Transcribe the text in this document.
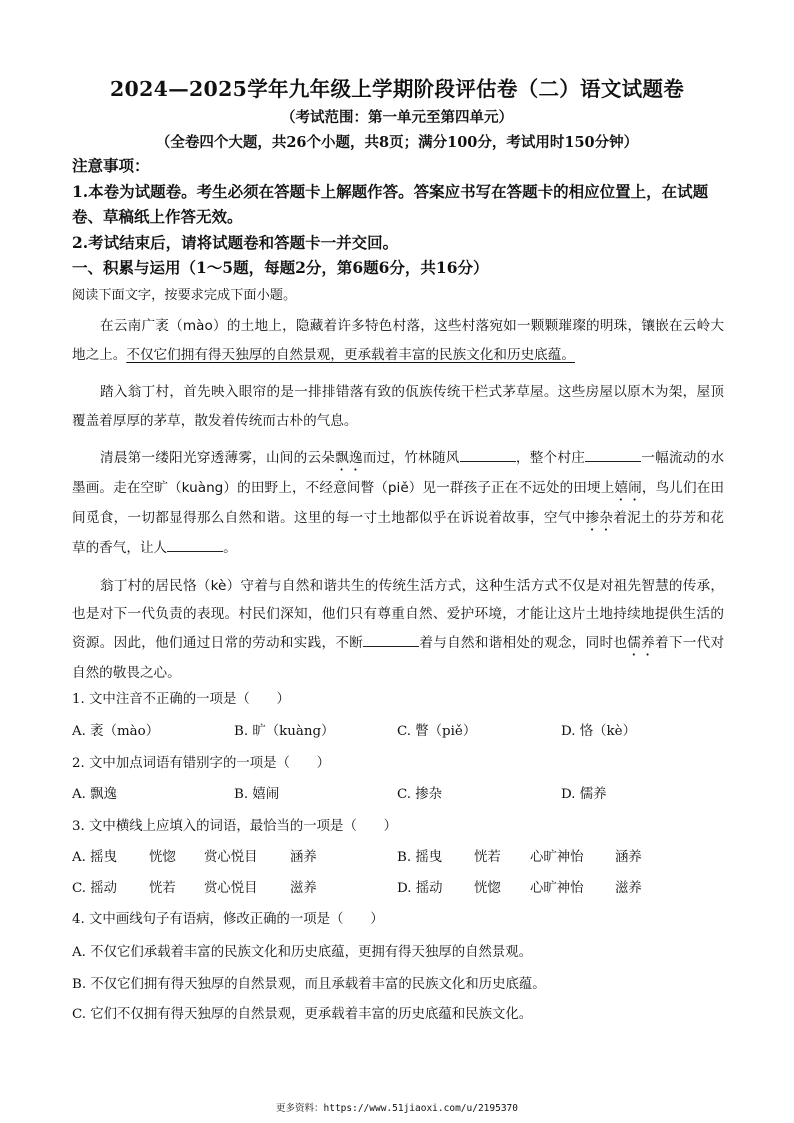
2024—2025学年九年级上学期阶段评估卷（二）语文试题卷
（考试范围：第一单元至第四单元）
（全卷四个大题，共26个小题，共8页；满分100分，考试用时150分钟）
注意事项：
1.本卷为试题卷。考生必须在答题卡上解题作答。答案应书写在答题卡的相应位置上，在试题
卷、草稿纸上作答无效。
2.考试结束后，请将试题卷和答题卡一并交回。
一、积累与运用（1～5题，每题2分，第6题6分，共16分）
阅读下面文字，按要求完成下面小题。

在云南广袤（mào）的土地上，隐藏着许多特色村落，这些村落宛如一颗颗璀璨的明珠，镶嵌在云岭大地之上。不仅它们拥有得天独厚的自然景观，更承载着丰富的民族文化和历史底蕴。

踏入翁丁村，首先映入眼帘的是一排排错落有致的佤族传统干栏式茅草屋。这些房屋以原木为架，屋顶覆盖着厚厚的茅草，散发着传统而古朴的气息。

清晨第一缕阳光穿透薄雾，山间的云朵飘逸而过，竹林随风	，整个村庄	一幅流动的水墨画。走在空旷（kuàng）的田野上，不经意间瞥（piě）见一群孩子正在不远处的田埂上嬉闹，鸟儿们在田间觅食，一切都显得那么自然和谐。这里的每一寸土地都似乎在诉说着故事，空气中掺杂着泥土的芬芳和花草的香气，让人	。

翁丁村的居民恪（kè）守着与自然和谐共生的传统生活方式，这种生活方式不仅是对祖先智慧的传承，也是对下一代负责的表现。村民们深知，他们只有尊重自然、爱护环境，才能让这片土地持续地提供生活的资源。因此，他们通过日常的劳动和实践，不断	着与自然和谐相处的观念，同时也儒养着下一代对自然的敬畏之心。

1. 文中注音不正确的一项是（　　）
A. 袤（mào）	B. 旷（kuàng）	C. 瞥（piě）	D. 恪（kè）
2. 文中加点词语有错别字的一项是（　　）
A. 飘逸	B. 嬉闹	C. 掺杂	D. 儒养
3. 文中横线上应填入的词语，最恰当的一项是（　　）
A. 摇曳 恍惚 赏心悦目 涵养	B. 摇曳 恍若 心旷神怡 涵养
C. 摇动 恍若 赏心悦目 滋养	D. 摇动 恍惚 心旷神怡 滋养
4. 文中画线句子有语病，修改正确的一项是（　　）
A. 不仅它们承载着丰富的民族文化和历史底蕴，更拥有得天独厚的自然景观。
B. 不仅它们拥有得天独厚的自然景观，而且承载着丰富的民族文化和历史底蕴。
C. 它们不仅拥有得天独厚的自然景观，更承载着丰富的历史底蕴和民族文化。
更多资料：https://www.51jiaoxi.com/u/2195370
